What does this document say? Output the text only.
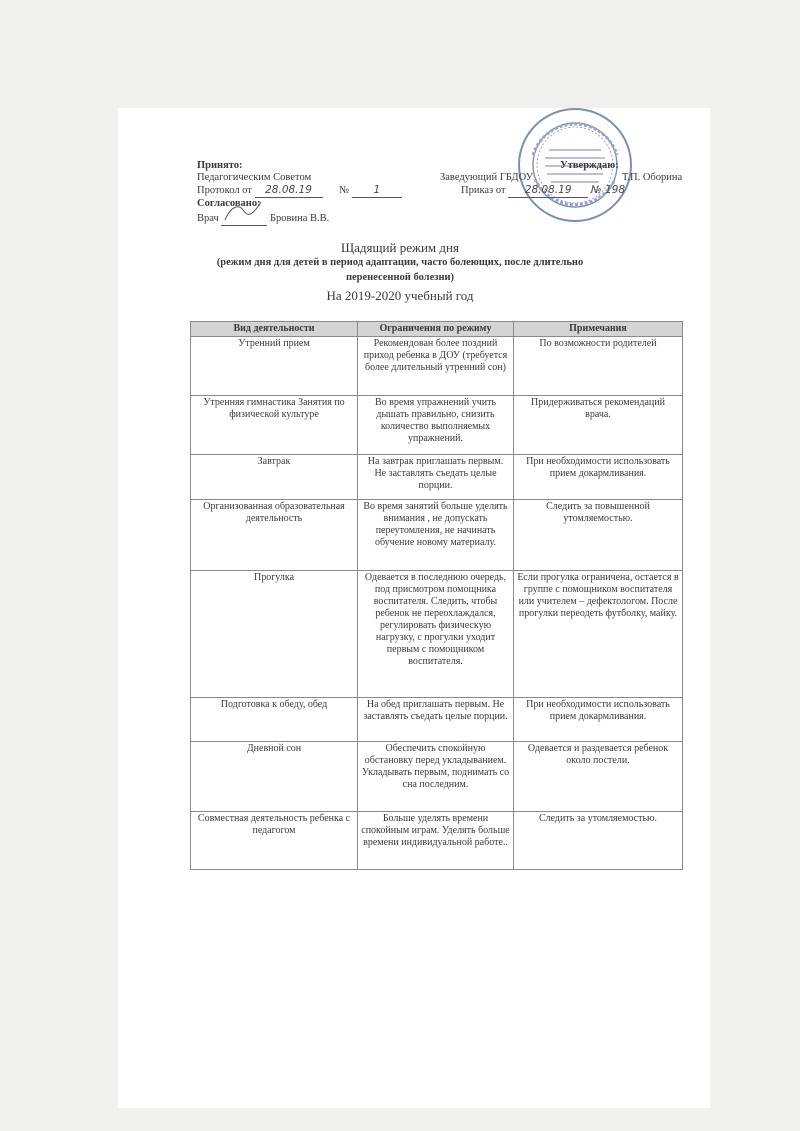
Принято:
Педагогическим Советом
Протокол от 28.08.19	№ 1
Согласовано:
Врач	Бровина В.В.
Утверждаю:
Заведующий ГБДОУ	Т.П. Оборина
Приказ от 28.08.19 № 198
Щадящий режим дня
(режим дня для детей в период адаптации, часто болеющих, после длительно
перенесенной болезни)
На 2019-2020 учебный год
Вид деятельности	Ограничения по режиму	Примечания
Утренний прием	Рекомендован более поздний приход ребенка в ДОУ (требуется более длительный утренний сон)	По возможности родителей
Утренняя гимнастика Занятия по физической культуре	Во время упражнений учить дышать правильно, снизить количество выполняемых упражнений.	Придерживаться рекомендаций врача.
Завтрак	На завтрак приглашать первым. Не заставлять съедать целые порции.	При необходимости использовать прием докармливания.
Организованная образовательная деятельность	Во время занятий больше уделять внимания , не допускать переутомления, не начинать обучение новому материалу.	Следить за повышенной утомляемостью.
Прогулка	Одевается в последнюю очередь, под присмотром помощника воспитателя. Следить, чтобы ребенок не переохлаждался, регулировать физическую нагрузку, с прогулки уходит первым с помощником воспитателя.	Если прогулка ограничена, остается в группе с помощником воспитателя или учителем – дефектологом. После прогулки переодеть футболку, майку.
Подготовка к обеду, обед	На обед приглашать первым. Не заставлять съедать целые порции.	При необходимости использовать прием докармливания.
Дневной сон	Обеспечить спокойную обстановку перед укладыванием. Укладывать первым, поднимать со сна последним.	Одевается и раздевается ребенок около постели.
Совместная деятельность ребенка с педагогом	Больше уделять времени спокойным играм. Уделять больше времени индивидуальной работе..	Следить за утомляемостью.
